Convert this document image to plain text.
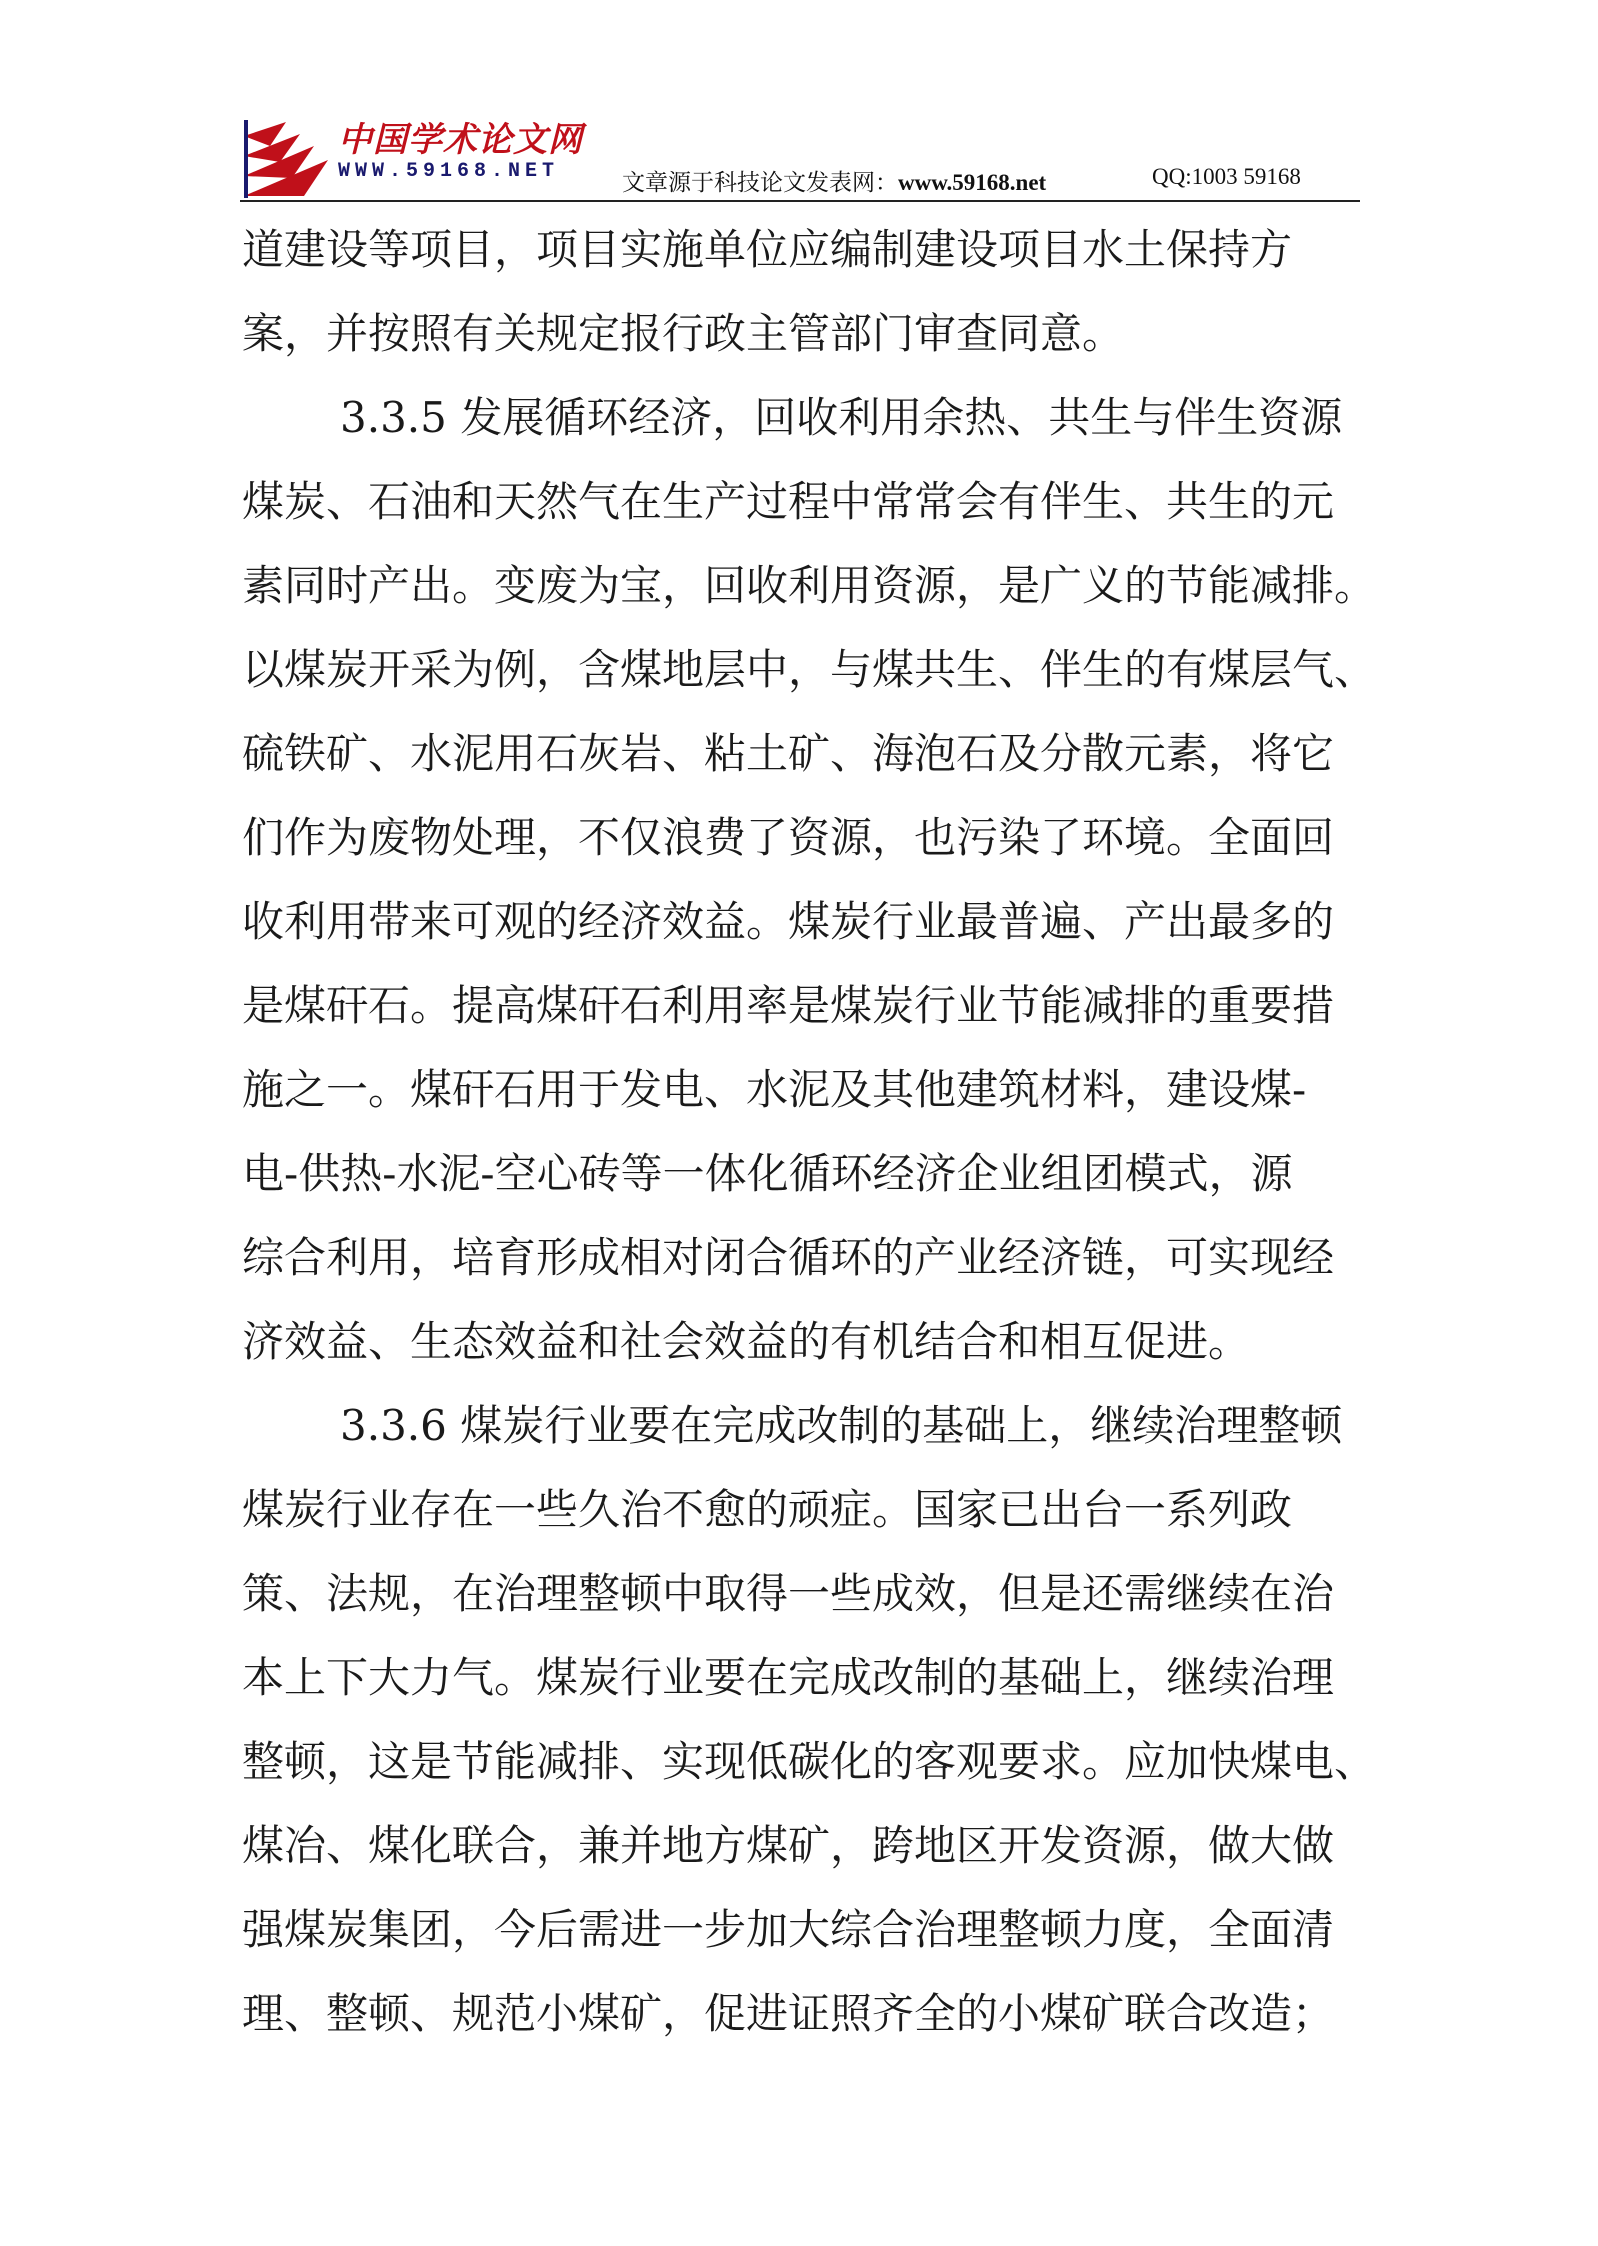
中国学术论文网
WWW.59168.NET	文章源于科技论文发表网：www.59168.net	QQ:1003 59168
道建设等项目，项目实施单位应编制建设项目水土保持方
案，并按照有关规定报行政主管部门审查同意。
3.3.5 发展循环经济，回收利用余热、共生与伴生资源
煤炭、石油和天然气在生产过程中常常会有伴生、共生的元
素同时产出。变废为宝，回收利用资源，是广义的节能减排。
以煤炭开采为例，含煤地层中，与煤共生、伴生的有煤层气、
硫铁矿、水泥用石灰岩、粘土矿、海泡石及分散元素，将它
们作为废物处理，不仅浪费了资源，也污染了环境。全面回
收利用带来可观的经济效益。煤炭行业最普遍、产出最多的
是煤矸石。提高煤矸石利用率是煤炭行业节能减排的重要措
施之一。煤矸石用于发电、水泥及其他建筑材料，建设煤-
电-供热-水泥-空心砖等一体化循环经济企业组团模式，源
综合利用，培育形成相对闭合循环的产业经济链，可实现经
济效益、生态效益和社会效益的有机结合和相互促进。
3.3.6 煤炭行业要在完成改制的基础上，继续治理整顿
煤炭行业存在一些久治不愈的顽症。国家已出台一系列政
策、法规，在治理整顿中取得一些成效，但是还需继续在治
本上下大力气。煤炭行业要在完成改制的基础上，继续治理
整顿，这是节能减排、实现低碳化的客观要求。应加快煤电、
煤冶、煤化联合，兼并地方煤矿，跨地区开发资源，做大做
强煤炭集团，今后需进一步加大综合治理整顿力度，全面清
理、整顿、规范小煤矿，促进证照齐全的小煤矿联合改造；
